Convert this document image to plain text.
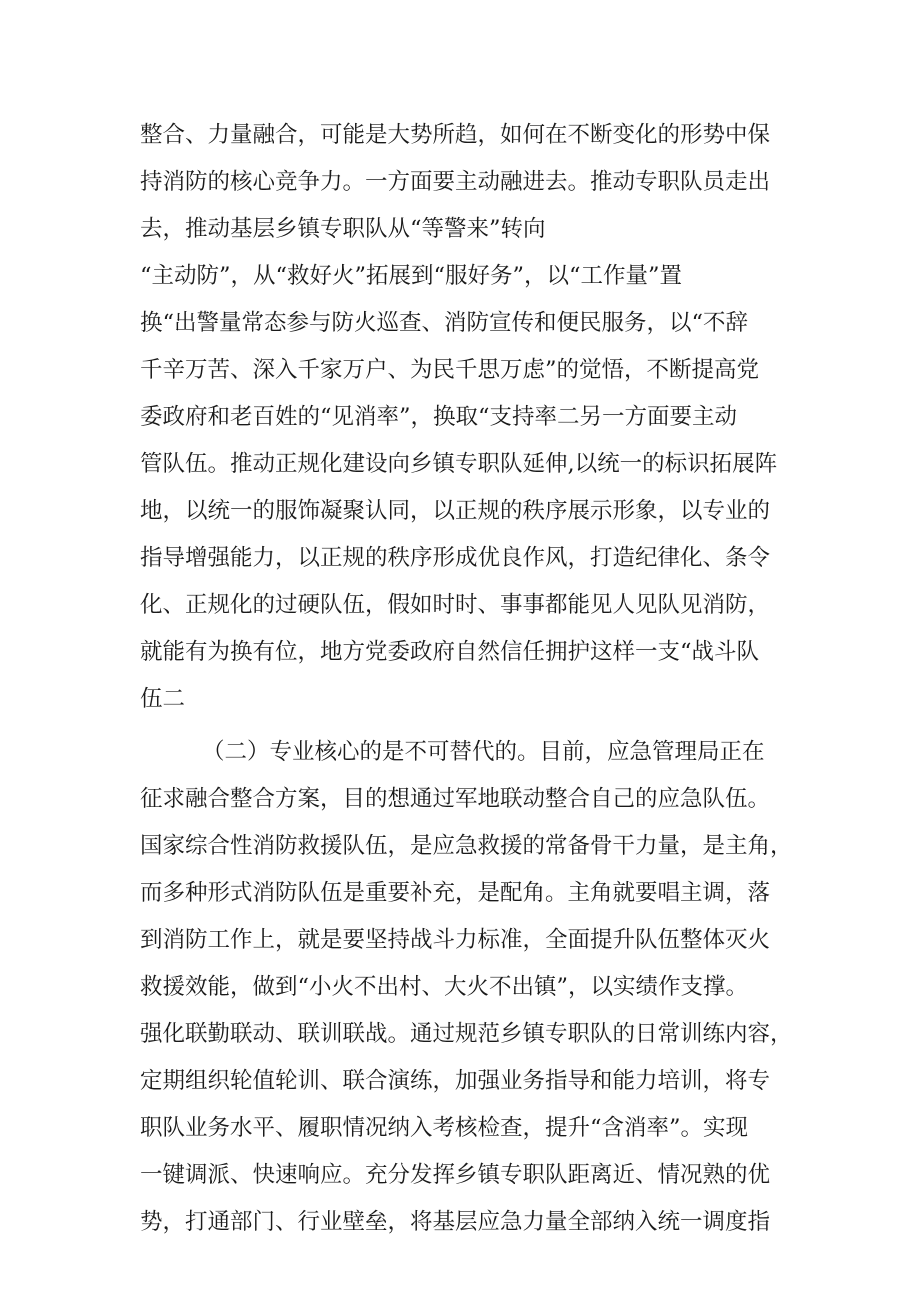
整合、力量融合，可能是大势所趋，如何在不断变化的形势中保
持消防的核心竞争力。一方面要主动融进去。推动专职队员走出
去，推动基层乡镇专职队从“等警来”转向
“主动防”，从“救好火”拓展到“服好务”，以“工作量”置
换“出警量常态参与防火巡查、消防宣传和便民服务，以“不辞
千辛万苦、深入千家万户、为民千思万虑”的觉悟，不断提高党
委政府和老百姓的“见消率”，换取“支持率二另一方面要主动
管队伍。推动正规化建设向乡镇专职队延伸,以统一的标识拓展阵
地，以统一的服饰凝聚认同，以正规的秩序展示形象，以专业的
指导增强能力，以正规的秩序形成优良作风，打造纪律化、条令
化、正规化的过硬队伍，假如时时、事事都能见人见队见消防，
就能有为换有位，地方党委政府自然信任拥护这样一支“战斗队
伍二
（二）专业核心的是不可替代的。目前，应急管理局正在
征求融合整合方案，目的想通过军地联动整合自己的应急队伍。
国家综合性消防救援队伍，是应急救援的常备骨干力量，是主角，
而多种形式消防队伍是重要补充，是配角。主角就要唱主调，落
到消防工作上，就是要坚持战斗力标准，全面提升队伍整体灭火
救援效能，做到“小火不出村、大火不出镇”，以实绩作支撑。
强化联勤联动、联训联战。通过规范乡镇专职队的日常训练内容，
定期组织轮值轮训、联合演练，加强业务指导和能力培训，将专
职队业务水平、履职情况纳入考核检查，提升“含消率”。实现
一键调派、快速响应。充分发挥乡镇专职队距离近、情况熟的优
势，打通部门、行业壁垒，将基层应急力量全部纳入统一调度指
